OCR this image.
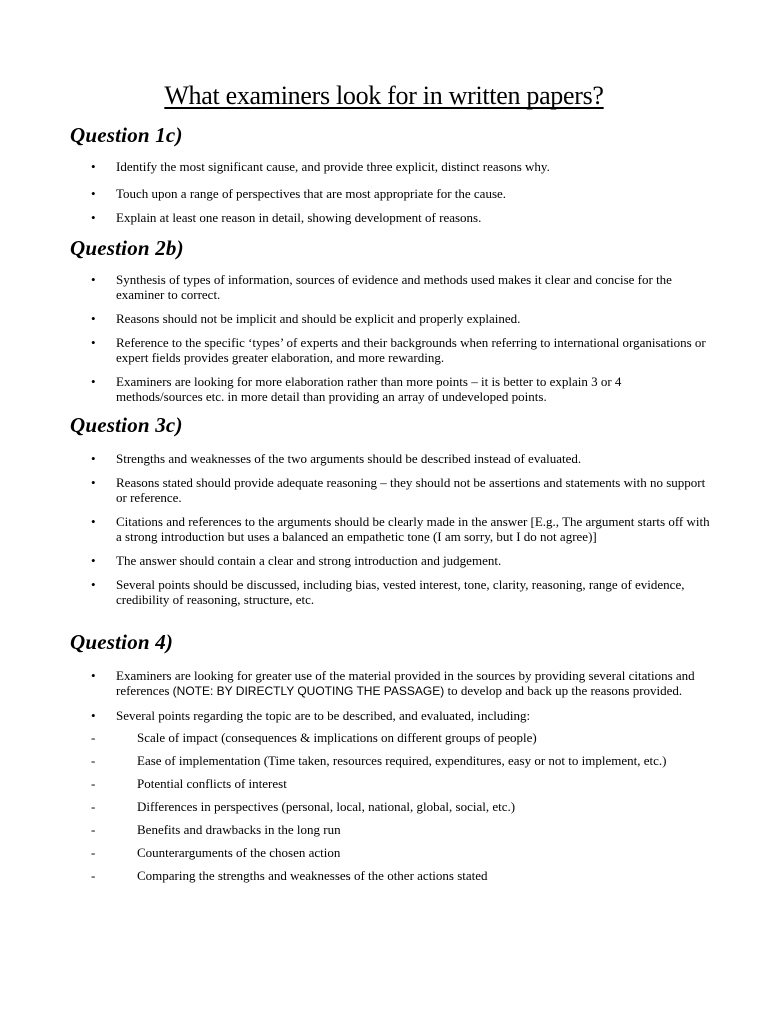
What examiners look for in written papers?
Question 1c)
• Identify the most significant cause, and provide three explicit, distinct reasons why.
• Touch upon a range of perspectives that are most appropriate for the cause.
• Explain at least one reason in detail, showing development of reasons.
Question 2b)
• Synthesis of types of information, sources of evidence and methods used makes it clear and concise for the examiner to correct.
• Reasons should not be implicit and should be explicit and properly explained.
• Reference to the specific ‘types’ of experts and their backgrounds when referring to international organisations or expert fields provides greater elaboration, and more rewarding.
• Examiners are looking for more elaboration rather than more points – it is better to explain 3 or 4 methods/sources etc. in more detail than providing an array of undeveloped points.
Question 3c)
• Strengths and weaknesses of the two arguments should be described instead of evaluated.
• Reasons stated should provide adequate reasoning – they should not be assertions and statements with no support or reference.
• Citations and references to the arguments should be clearly made in the answer [E.g., The argument starts off with a strong introduction but uses a balanced an empathetic tone (I am sorry, but I do not agree)]
• The answer should contain a clear and strong introduction and judgement.
• Several points should be discussed, including bias, vested interest, tone, clarity, reasoning, range of evidence, credibility of reasoning, structure, etc.
Question 4)
• Examiners are looking for greater use of the material provided in the sources by providing several citations and references (NOTE: BY DIRECTLY QUOTING THE PASSAGE) to develop and back up the reasons provided.
• Several points regarding the topic are to be described, and evaluated, including:
- Scale of impact (consequences & implications on different groups of people)
- Ease of implementation (Time taken, resources required, expenditures, easy or not to implement, etc.)
- Potential conflicts of interest
- Differences in perspectives (personal, local, national, global, social, etc.)
- Benefits and drawbacks in the long run
- Counterarguments of the chosen action
- Comparing the strengths and weaknesses of the other actions stated
